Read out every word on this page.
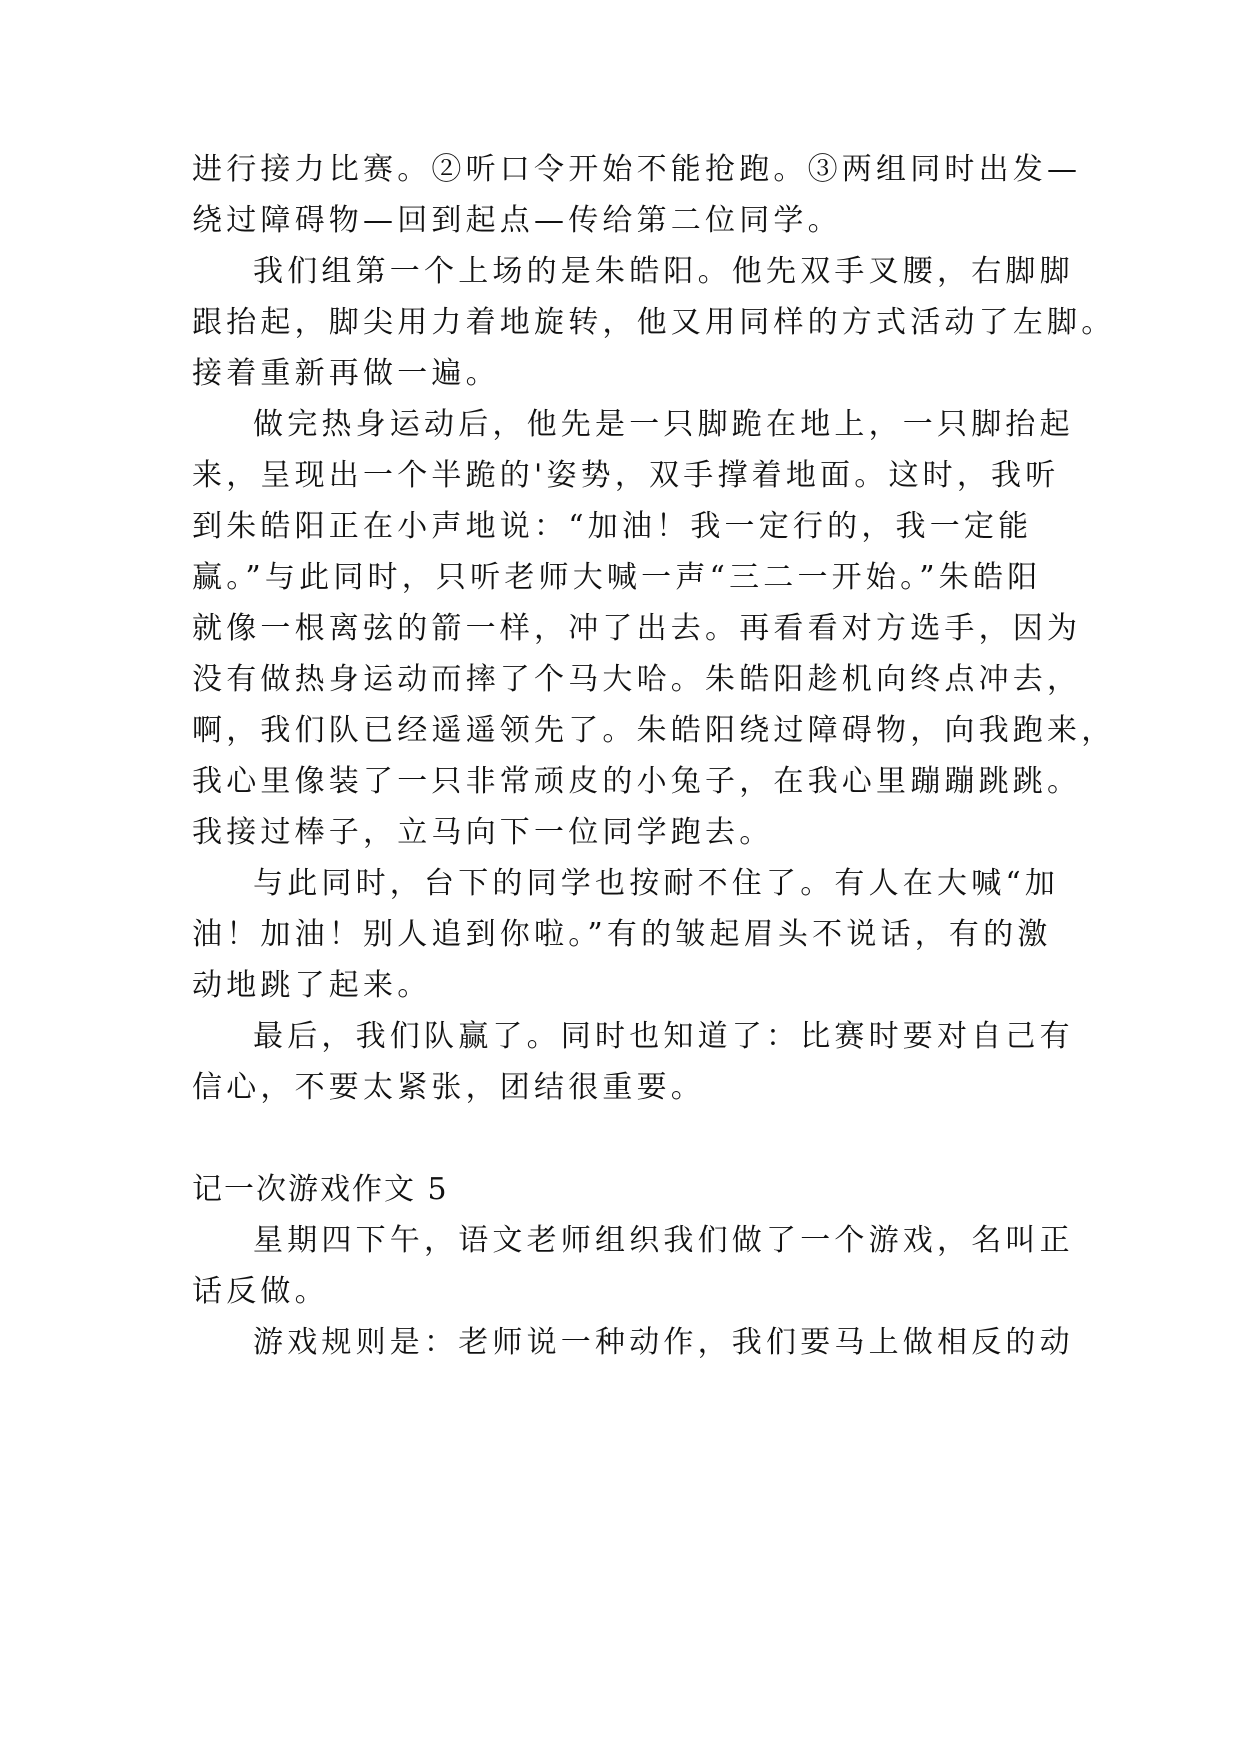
进行接力比赛。②听口令开始不能抢跑。③两组同时出发—
绕过障碍物—回到起点—传给第二位同学。
我们组第一个上场的是朱皓阳。他先双手叉腰，右脚脚
跟抬起，脚尖用力着地旋转，他又用同样的方式活动了左脚。
接着重新再做一遍。
做完热身运动后，他先是一只脚跪在地上，一只脚抬起
来，呈现出一个半跪的'姿势，双手撑着地面。这时，我听
到朱皓阳正在小声地说：“加油！我一定行的，我一定能
赢。”与此同时，只听老师大喊一声“三二一开始。”朱皓阳
就像一根离弦的箭一样，冲了出去。再看看对方选手，因为
没有做热身运动而摔了个马大哈。朱皓阳趁机向终点冲去，
啊，我们队已经遥遥领先了。朱皓阳绕过障碍物，向我跑来，
我心里像装了一只非常顽皮的小兔子，在我心里蹦蹦跳跳。
我接过棒子，立马向下一位同学跑去。
与此同时，台下的同学也按耐不住了。有人在大喊“加
油！加油！别人追到你啦。”有的皱起眉头不说话，有的激
动地跳了起来。
最后，我们队赢了。同时也知道了：比赛时要对自己有
信心，不要太紧张，团结很重要。
记一次游戏作文 5
星期四下午，语文老师组织我们做了一个游戏，名叫正
话反做。
游戏规则是：老师说一种动作，我们要马上做相反的动
